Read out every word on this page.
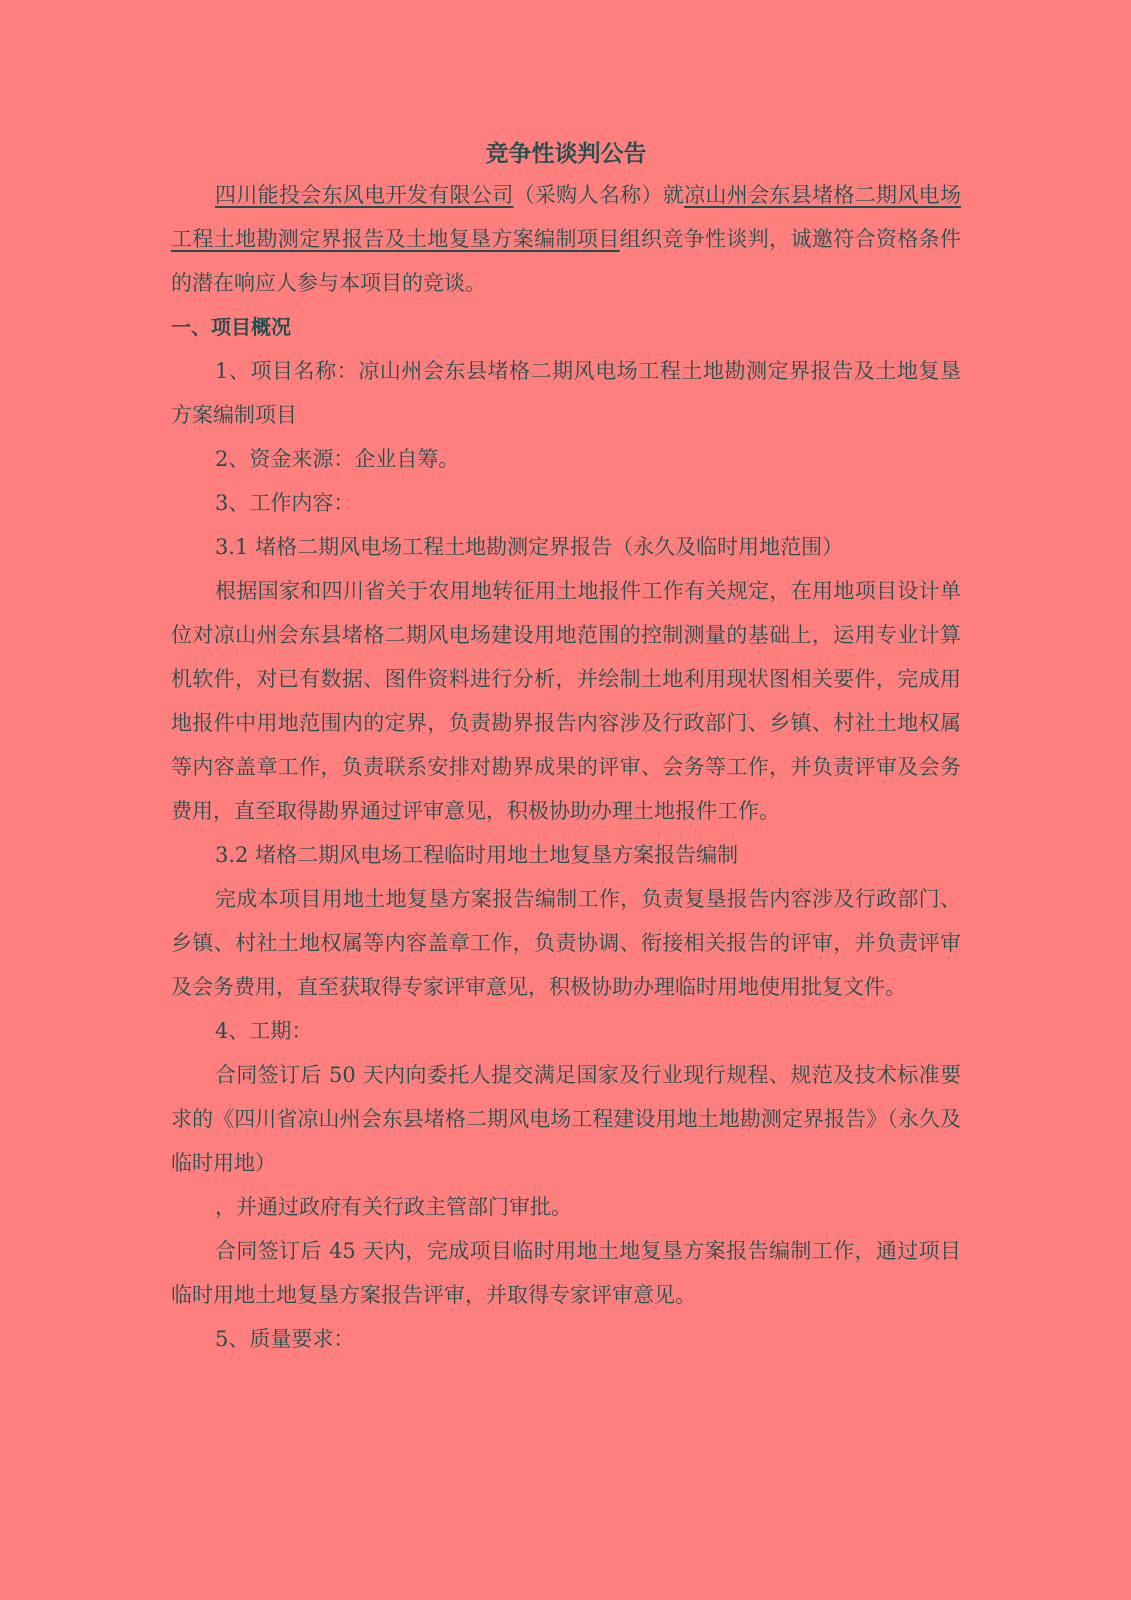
竞争性谈判公告

四川能投会东风电开发有限公司（采购人名称）就凉山州会东县堵格二期风电场工程土地勘测定界报告及土地复垦方案编制项目组织竞争性谈判，诚邀符合资格条件的潜在响应人参与本项目的竞谈。

一、项目概况

1、项目名称：凉山州会东县堵格二期风电场工程土地勘测定界报告及土地复垦方案编制项目

2、资金来源：企业自筹。

3、工作内容：

3.1 堵格二期风电场工程土地勘测定界报告（永久及临时用地范围）

根据国家和四川省关于农用地转征用土地报件工作有关规定，在用地项目设计单位对凉山州会东县堵格二期风电场建设用地范围的控制测量的基础上，运用专业计算机软件，对已有数据、图件资料进行分析，并绘制土地利用现状图相关要件，完成用地报件中用地范围内的定界，负责勘界报告内容涉及行政部门、乡镇、村社土地权属等内容盖章工作，负责联系安排对勘界成果的评审、会务等工作，并负责评审及会务费用，直至取得勘界通过评审意见，积极协助办理土地报件工作。

3.2 堵格二期风电场工程临时用地土地复垦方案报告编制

完成本项目用地土地复垦方案报告编制工作，负责复垦报告内容涉及行政部门、乡镇、村社土地权属等内容盖章工作，负责协调、衔接相关报告的评审，并负责评审及会务费用，直至获取得专家评审意见，积极协助办理临时用地使用批复文件。

4、工期：

合同签订后 50 天内向委托人提交满足国家及行业现行规程、规范及技术标准要求的《四川省凉山州会东县堵格二期风电场工程建设用地土地勘测定界报告》（永久及临时用地）

，并通过政府有关行政主管部门审批。

合同签订后 45 天内，完成项目临时用地土地复垦方案报告编制工作，通过项目临时用地土地复垦方案报告评审，并取得专家评审意见。

5、质量要求：
